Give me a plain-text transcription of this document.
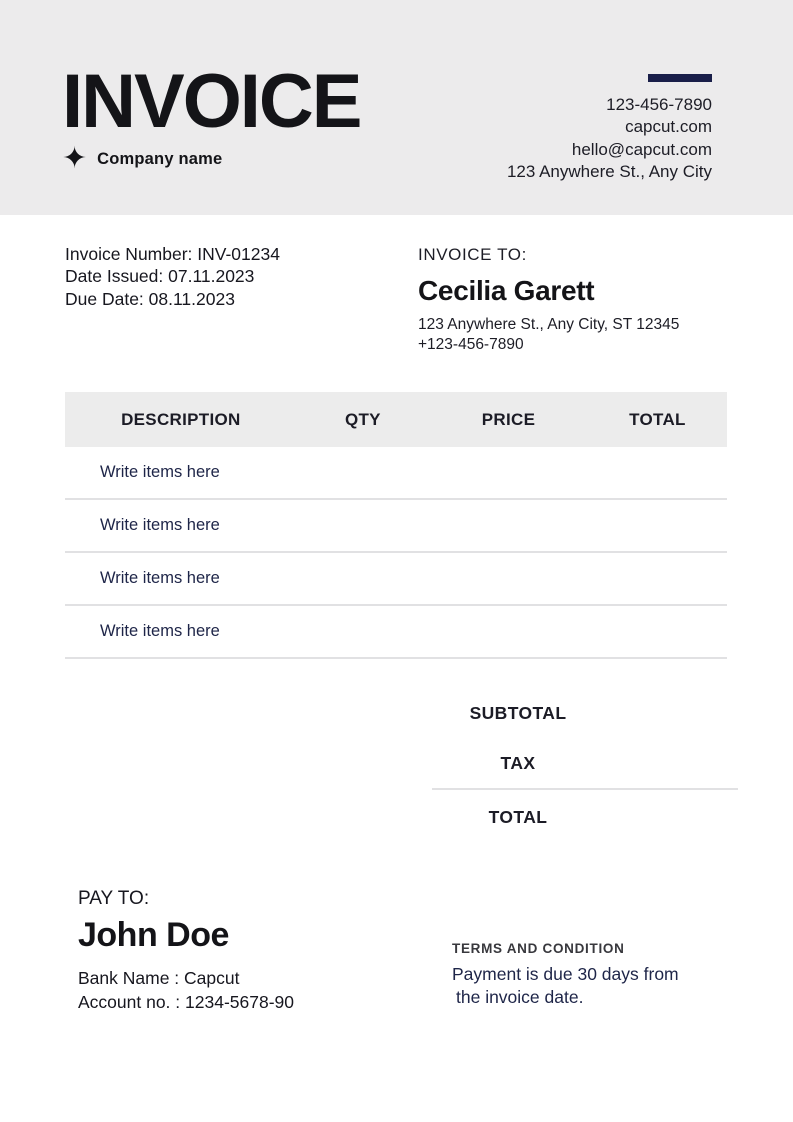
INVOICE
✦ Company name
123-456-7890
capcut.com
hello@capcut.com
123 Anywhere St., Any City
Invoice Number: INV-01234
Date Issued: 07.11.2023
Due Date: 08.11.2023
INVOICE TO:
Cecilia Garett
123 Anywhere St., Any City, ST 12345
+123-456-7890
DESCRIPTION	QTY	PRICE	TOTAL
Write items here
Write items here
Write items here
Write items here
SUBTOTAL
TAX
TOTAL
PAY TO:
John Doe
Bank Name : Capcut
Account no. : 1234-5678-90
TERMS AND CONDITION
Payment is due 30 days from
the invoice date.
